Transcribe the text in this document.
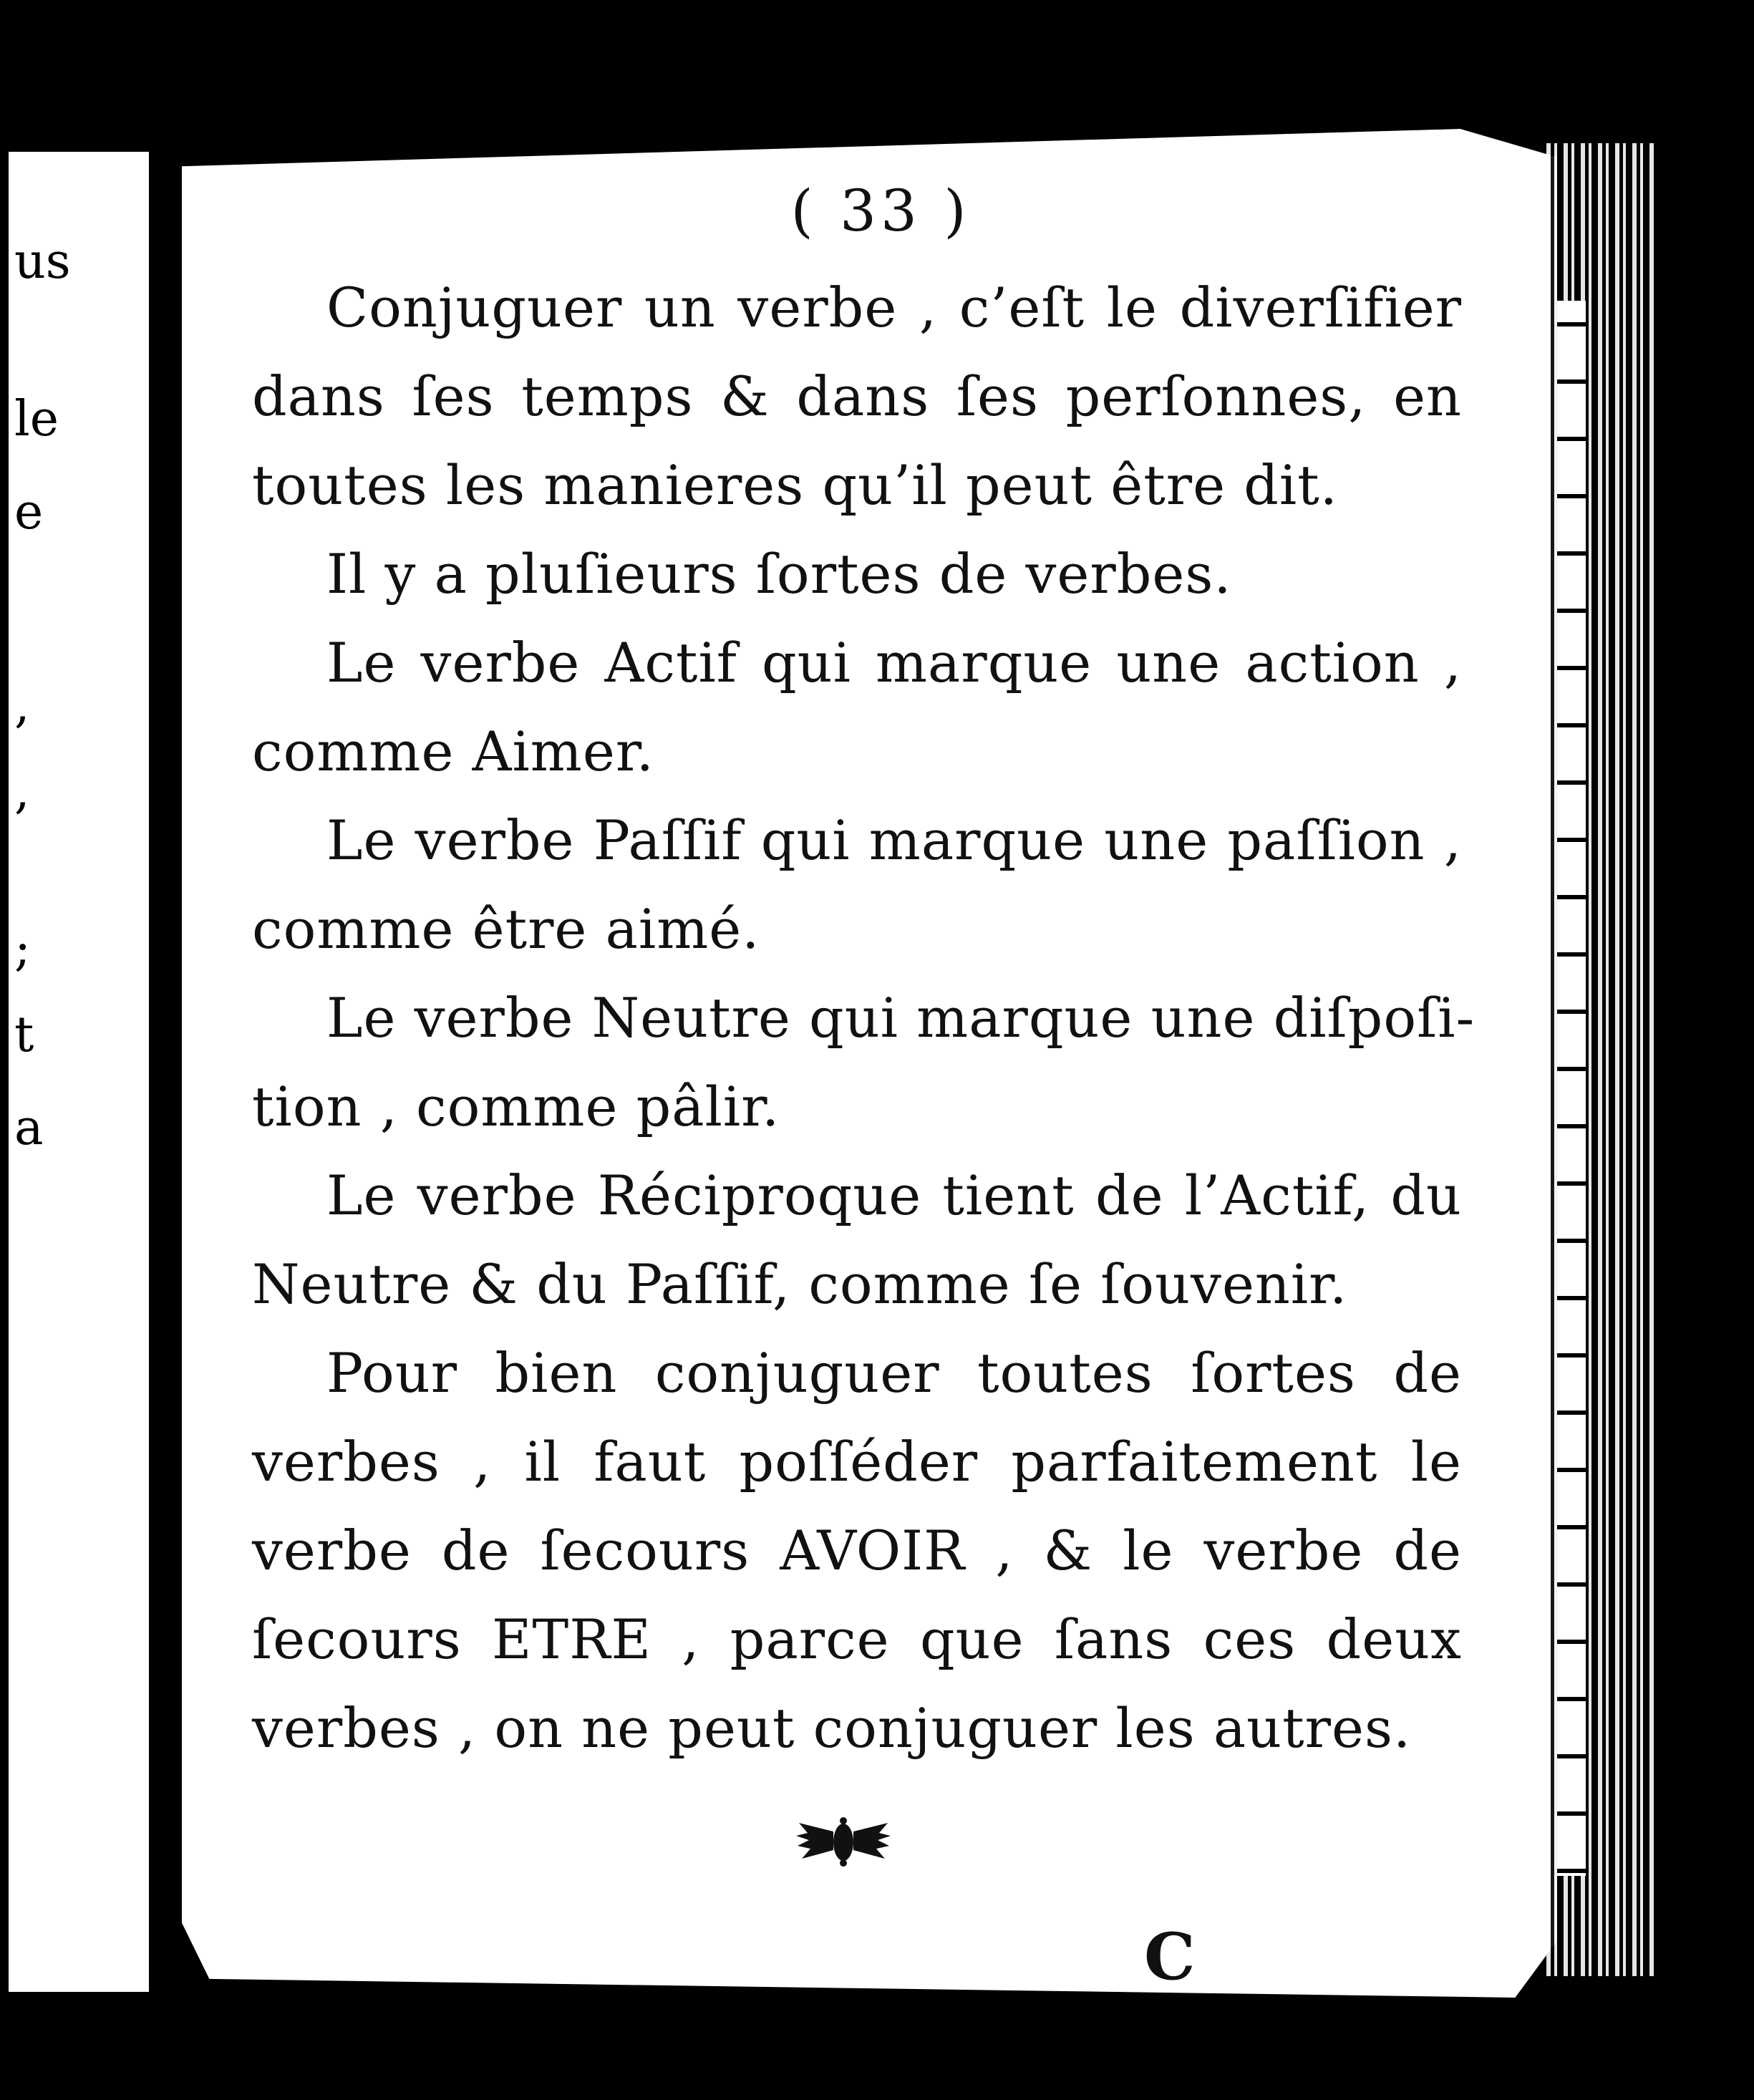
us
le
e
,
,
;
t
a
( 33 )
Conjuguer un verbe , c’eſt le diverſifier
dans ſes temps & dans ſes perſonnes, en
toutes les manieres qu’il peut être dit.
Il y a pluſieurs ſortes de verbes.
Le verbe Actif qui marque une action ,
comme Aimer.
Le verbe Paſſif qui marque une paſſion ,
comme être aimé.
Le verbe Neutre qui marque une diſpoſi-
tion , comme pâlir.
Le verbe Réciproque tient de l’Actif, du
Neutre & du Paſſif, comme ſe ſouvenir.
Pour bien conjuguer toutes ſortes de
verbes , il faut poſſéder parfaitement le
verbe de ſecours AVOIR , & le verbe de
ſecours ETRE , parce que ſans ces deux
verbes , on ne peut conjuguer les autres.
C
